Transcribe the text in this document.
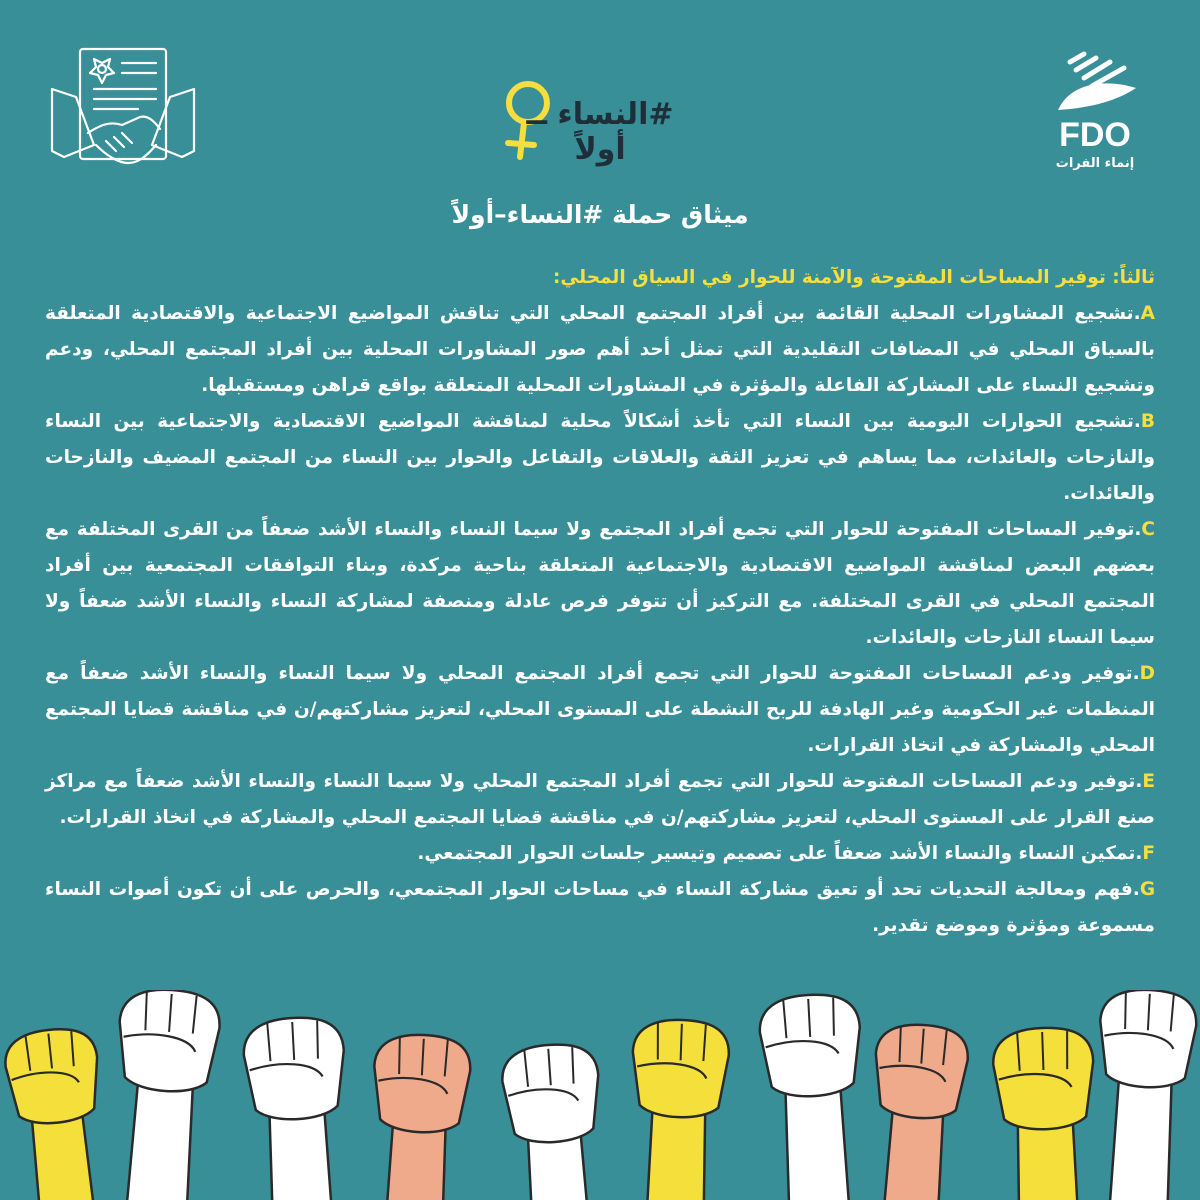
#النساء ــ أولاً	FDO
إنماء الفرات
ميثاق حملة #النساء–أولاً

ثالثاً: توفير المساحات المفتوحة والآمنة للحوار في السياق المحلي:

A.تشجيع المشاورات المحلية القائمة بين أفراد المجتمع المحلي التي تناقش المواضيع الاجتماعية والاقتصادية المتعلقة بالسياق المحلي في المضافات التقليدية التي تمثل أحد أهم صور المشاورات المحلية بين أفراد المجتمع المحلي، ودعم وتشجيع النساء على المشاركة الفاعلة والمؤثرة في المشاورات المحلية المتعلقة بواقع قراهن ومستقبلها.

B.تشجيع الحوارات اليومية بين النساء التي تأخذ أشكالاً محلية لمناقشة المواضيع الاقتصادية والاجتماعية بين النساء والنازحات والعائدات، مما يساهم في تعزيز الثقة والعلاقات والتفاعل والحوار بين النساء من المجتمع المضيف والنازحات والعائدات.

C.توفير المساحات المفتوحة للحوار التي تجمع أفراد المجتمع ولا سيما النساء والنساء الأشد ضعفاً من القرى المختلفة مع بعضهم البعض لمناقشة المواضيع الاقتصادية والاجتماعية المتعلقة بناحية مركدة، وبناء التوافقات المجتمعية بين أفراد المجتمع المحلي في القرى المختلفة. مع التركيز أن تتوفر فرص عادلة ومنصفة لمشاركة النساء والنساء الأشد ضعفاً ولا سيما النساء النازحات والعائدات.

D.توفير ودعم المساحات المفتوحة للحوار التي تجمع أفراد المجتمع المحلي ولا سيما النساء والنساء الأشد ضعفاً مع المنظمات غير الحكومية وغير الهادفة للربح النشطة على المستوى المحلي، لتعزيز مشاركتهم/ن في مناقشة قضايا المجتمع المحلي والمشاركة في اتخاذ القرارات.

E.توفير ودعم المساحات المفتوحة للحوار التي تجمع أفراد المجتمع المحلي ولا سيما النساء والنساء الأشد ضعفاً مع مراكز صنع القرار على المستوى المحلي، لتعزيز مشاركتهم/ن في مناقشة قضايا المجتمع المحلي والمشاركة في اتخاذ القرارات.

F.تمكين النساء والنساء الأشد ضعفاً على تصميم وتيسير جلسات الحوار المجتمعي.

G.فهم ومعالجة التحديات تحد أو تعيق مشاركة النساء في مساحات الحوار المجتمعي، والحرص على أن تكون أصوات النساء مسموعة ومؤثرة وموضع تقدير.
